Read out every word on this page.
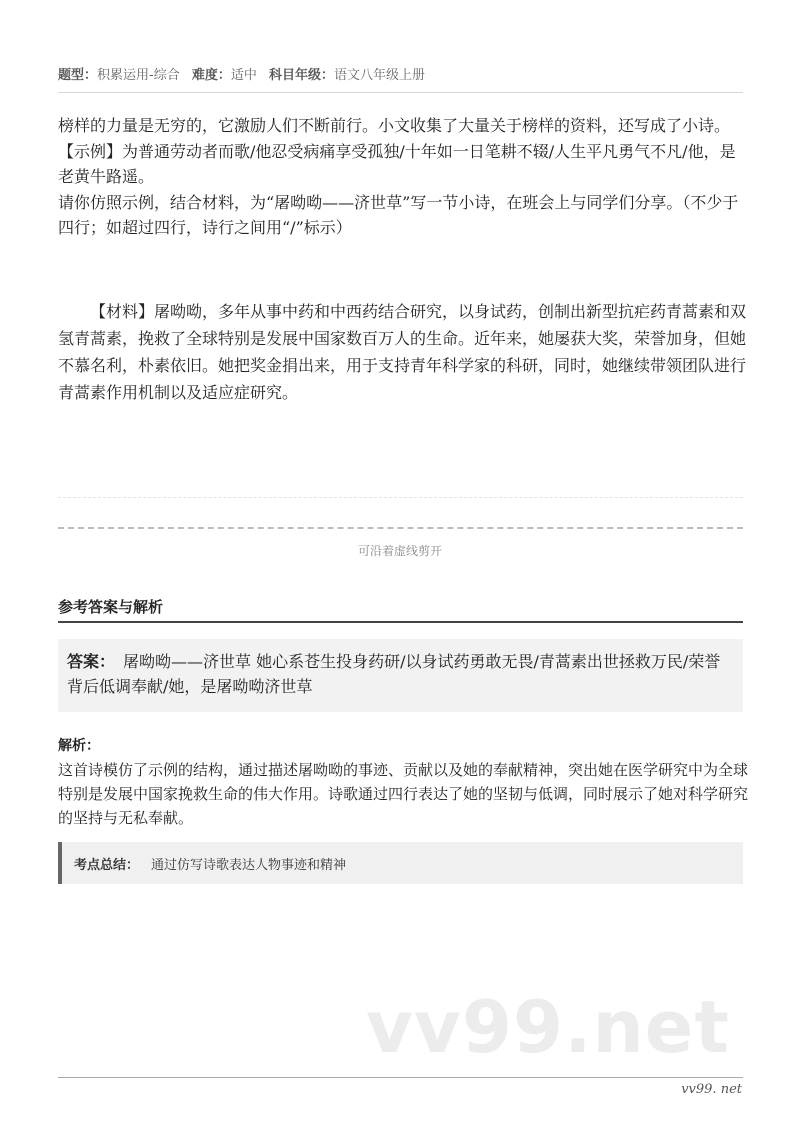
题型：积累运用-综合 难度：适中 科目年级：语文八年级上册

榜样的力量是无穷的，它激励人们不断前行。小文收集了大量关于榜样的资料，还写成了小诗。

【示例】为普通劳动者而歌/他忍受病痛享受孤独/十年如一日笔耕不辍/人生平凡勇气不凡/他，是老黄牛路遥。

请你仿照示例，结合材料，为“屠呦呦——济世草”写一节小诗，在班会上与同学们分享。（不少于四行；如超过四行，诗行之间用“/”标示）

【材料】屠呦呦，多年从事中药和中西药结合研究，以身试药，创制出新型抗疟药青蒿素和双氢青蒿素，挽救了全球特别是发展中国家数百万人的生命。近年来，她屡获大奖，荣誉加身，但她不慕名利，朴素依旧。她把奖金捐出来，用于支持青年科学家的科研，同时，她继续带领团队进行青蒿素作用机制以及适应症研究。

可沿着虚线剪开
参考答案与解析
答案： 屠呦呦——济世草 她心系苍生投身药研/以身试药勇敢无畏/青蒿素出世拯救万民/荣誉背后低调奉献/她，是屠呦呦济世草
解析：

这首诗模仿了示例的结构，通过描述屠呦呦的事迹、贡献以及她的奉献精神，突出她在医学研究中为全球特别是发展中国家挽救生命的伟大作用。诗歌通过四行表达了她的坚韧与低调，同时展示了她对科学研究的坚持与无私奉献。

考点总结： 通过仿写诗歌表达人物事迹和精神
vv99.net
vv99. net
